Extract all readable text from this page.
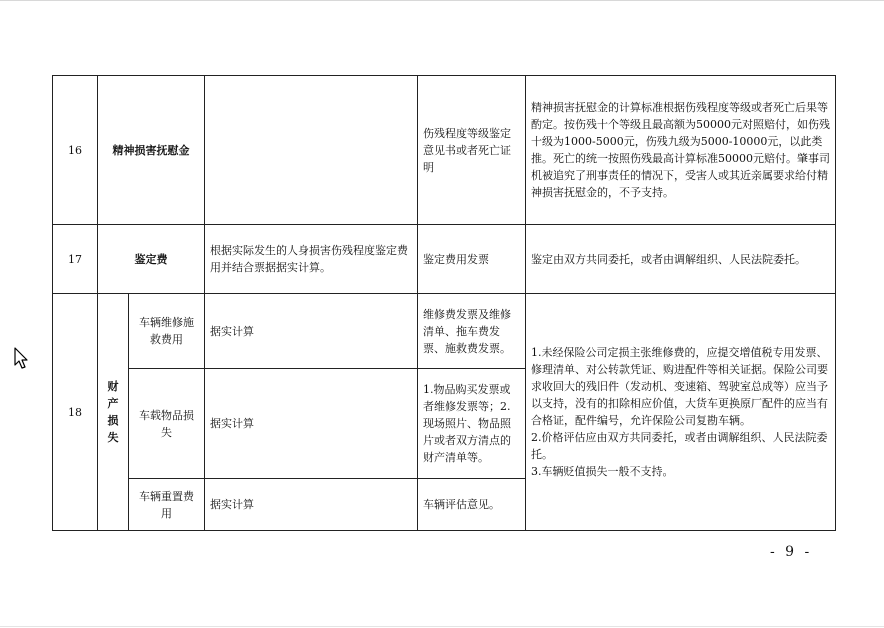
16	精神损害抚慰金			伤残程度等级鉴定意见书或者死亡证明	精神损害抚慰金的计算标准根据伤残程度等级或者死亡后果等酌定。按伤残十个等级且最高额为50000元对照赔付，如伤残十级为1000-5000元，伤残九级为5000-10000元，以此类推。死亡的统一按照伤残最高计算标准50000元赔付。肇事司机被追究了刑事责任的情况下，受害人或其近亲属要求给付精神损害抚慰金的，不予支持。
17	鉴定费		根据实际发生的人身损害伤残程度鉴定费用并结合票据据实计算。	鉴定费用发票	鉴定由双方共同委托，或者由调解组织、人民法院委托。
18	财产损失	车辆维修施救费用	据实计算	维修费发票及维修清单、拖车费发票、施救费发票。	1.未经保险公司定损主张维修费的，应提交增值税专用发票、修理清单、对公转款凭证、购进配件等相关证据。保险公司要求收回大的残旧件（发动机、变速箱、驾驶室总成等）应当予以支持，没有的扣除相应价值，大货车更换原厂配件的应当有合格证，配件编号，允许保险公司复勘车辆。
2.价格评估应由双方共同委托，或者由调解组织、人民法院委托。
3.车辆贬值损失一般不支持。
		车载物品损失	据实计算	1.物品购买发票或者维修发票等；2.现场照片、物品照片或者双方清点的财产清单等。	
		车辆重置费用	据实计算	车辆评估意见。	
- 9 -
